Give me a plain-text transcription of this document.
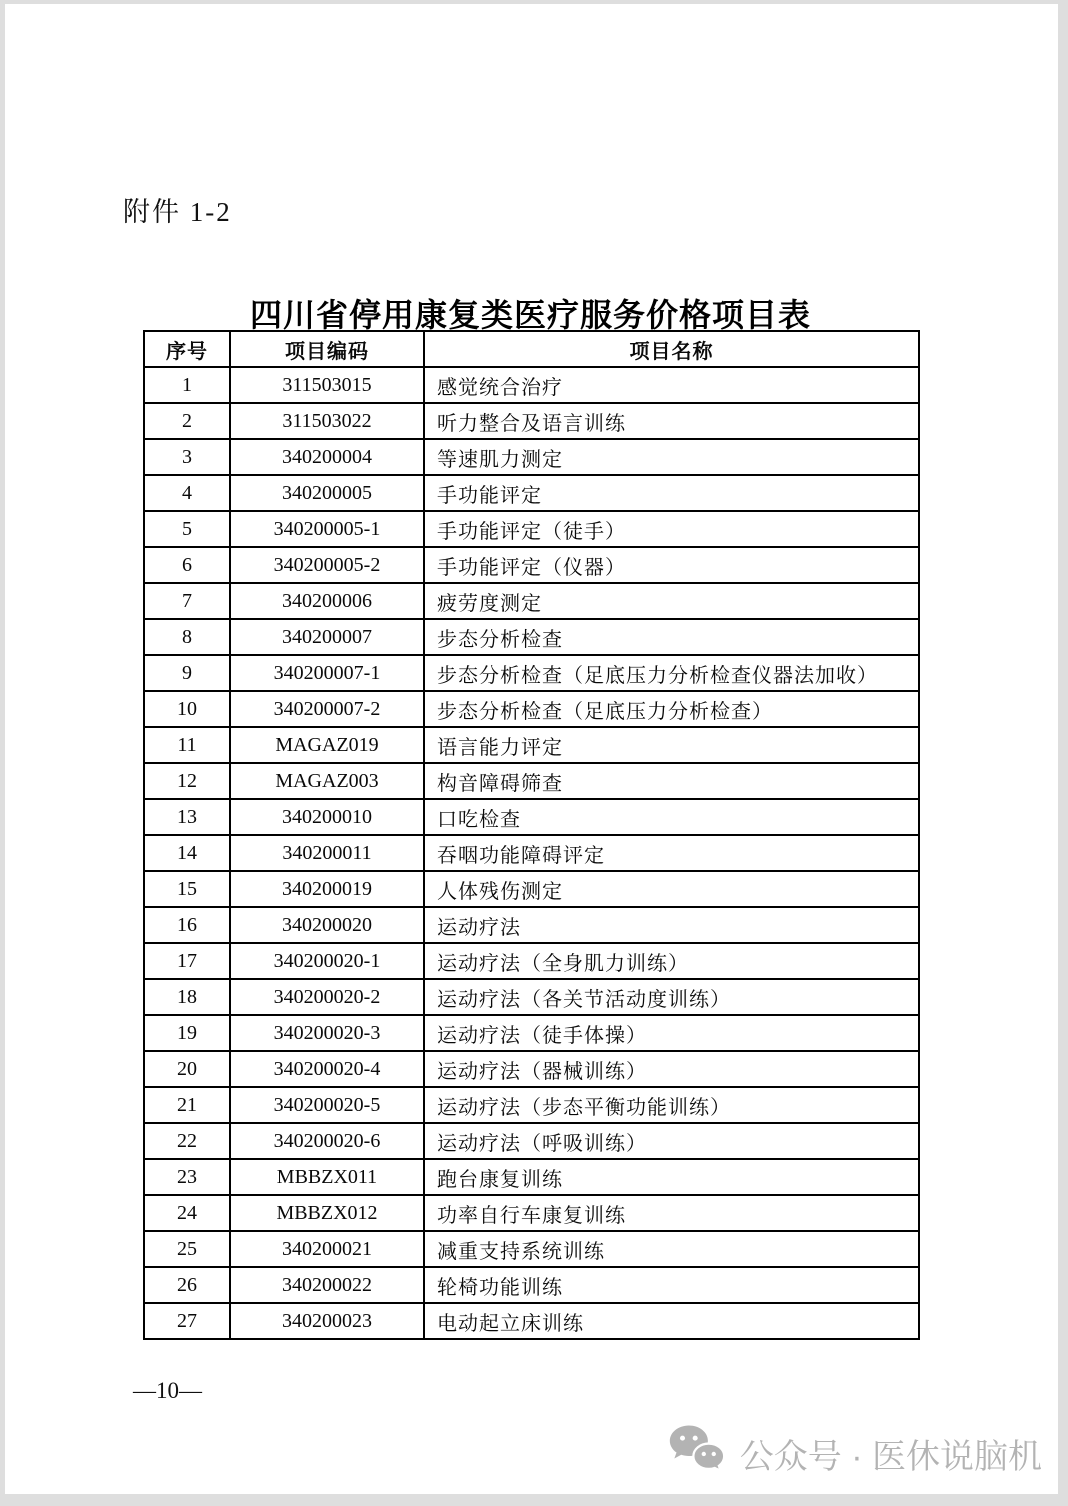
附件 1-2
四川省停用康复类医疗服务价格项目表
序号	项目编码	项目名称
1	311503015	感觉统合治疗
2	311503022	听力整合及语言训练
3	340200004	等速肌力测定
4	340200005	手功能评定
5	340200005-1	手功能评定（徒手）
6	340200005-2	手功能评定（仪器）
7	340200006	疲劳度测定
8	340200007	步态分析检查
9	340200007-1	步态分析检查（足底压力分析检查仪器法加收）
10	340200007-2	步态分析检查（足底压力分析检查）
11	MAGAZ019	语言能力评定
12	MAGAZ003	构音障碍筛查
13	340200010	口吃检查
14	340200011	吞咽功能障碍评定
15	340200019	人体残伤测定
16	340200020	运动疗法
17	340200020-1	运动疗法（全身肌力训练）
18	340200020-2	运动疗法（各关节活动度训练）
19	340200020-3	运动疗法（徒手体操）
20	340200020-4	运动疗法（器械训练）
21	340200020-5	运动疗法（步态平衡功能训练）
22	340200020-6	运动疗法（呼吸训练）
23	MBBZX011	跑台康复训练
24	MBBZX012	功率自行车康复训练
25	340200021	减重支持系统训练
26	340200022	轮椅功能训练
27	340200023	电动起立床训练
—10—
公众号 · 医休说脑机
